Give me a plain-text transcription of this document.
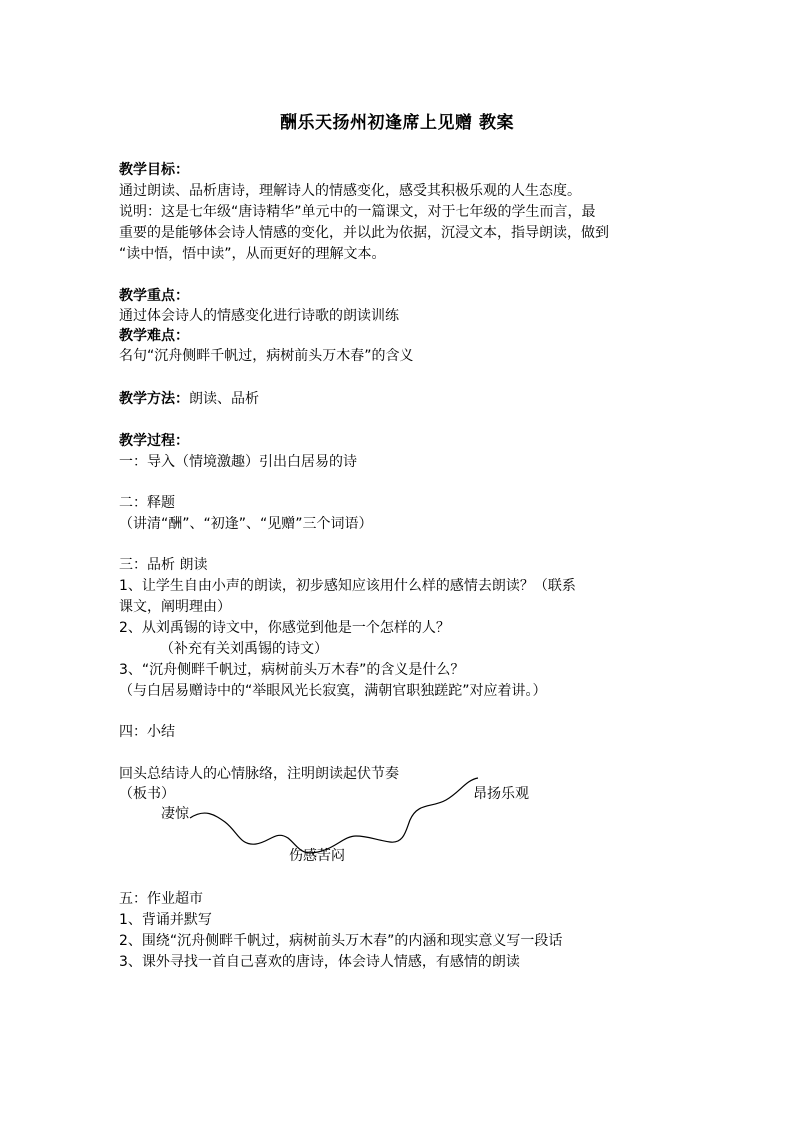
酬乐天扬州初逢席上见赠 教案
教学目标：
通过朗读、品析唐诗，理解诗人的情感变化，感受其积极乐观的人生态度。
说明：这是七年级“唐诗精华”单元中的一篇课文，对于七年级的学生而言，最
重要的是能够体会诗人情感的变化，并以此为依据，沉浸文本，指导朗读，做到
“读中悟，悟中读”，从而更好的理解文本。
教学重点：
通过体会诗人的情感变化进行诗歌的朗读训练
教学难点：
名句“沉舟侧畔千帆过，病树前头万木春”的含义
教学方法：朗读、品析
教学过程：
一：导入（情境激趣）引出白居易的诗
二：释题
（讲清“酬”、“初逢”、“见赠”三个词语）
三：品析 朗读
1、让学生自由小声的朗读，初步感知应该用什么样的感情去朗读？（联系
课文，阐明理由）
2、从刘禹锡的诗文中，你感觉到他是一个怎样的人？
（补充有关刘禹锡的诗文）
3、“沉舟侧畔千帆过，病树前头万木春”的含义是什么？
（与白居易赠诗中的“举眼风光长寂寞，满朝官职独蹉跎”对应着讲。）
四：小结
回头总结诗人的心情脉络，注明朗读起伏节奏
（板书）
凄惊
伤感苦闷
昂扬乐观
五：作业超市
1、背诵并默写
2、围绕“沉舟侧畔千帆过，病树前头万木春”的内涵和现实意义写一段话
3、课外寻找一首自己喜欢的唐诗，体会诗人情感，有感情的朗读
